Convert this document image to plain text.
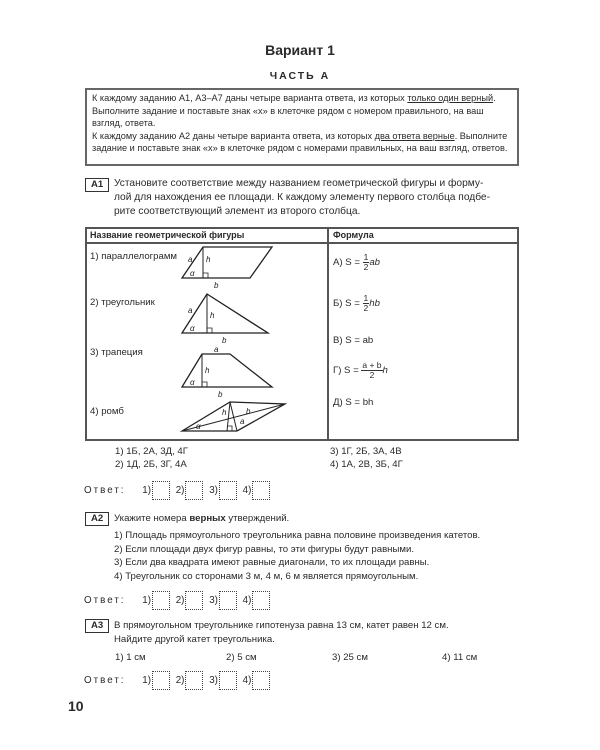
Вариант 1
ЧАСТЬ А
К каждому заданию А1, А3–А7 даны четыре варианта ответа, из которых только один верный. Выполните задание и поставьте знак «х» в клеточке рядом с номером правильного, на ваш взгляд, ответа.
К каждому заданию А2 даны четыре варианта ответа, из которых два ответа верные. Выполните задание и поставьте знак «х» в клеточке рядом с номерами правильных, на ваш взгляд, ответов.
А1	Установите соответствие между названием геометрической фигуры и форму-
лой для нахождения ее площади. К каждому элементу первого столбца подбе-
рите соответствующий элемент из второго столбца.
Название геометрической фигуры	Формула
1) параллелограмм
2) треугольник
3) трапеция
4) ромб
А) $S = \frac{1}{2}$ ab
Б) $S = \frac{1}{2}$ hb
В) S = ab
Г) $S = \frac{a + b}{2}$ h
Д) S = bh
a h
α
b
a
h
α
b
a
h
α
b
h b
a
α
1) 1Б, 2А, 3Д, 4Г
2) 1Д, 2Б, 3Г, 4А
3) 1Г, 2Б, 3А, 4В
4) 1А, 2В, 3Б, 4Г
Ответ: 1)	2)	3)	4)
А2	Укажите номера верных утверждений.
1) Площадь прямоугольного треугольника равна половине произведения катетов.
2) Если площади двух фигур равны, то эти фигуры будут равными.
3) Если два квадрата имеют равные диагонали, то их площади равны.
4) Треугольник со сторонами 3 м, 4 м, 6 м является прямоугольным.
Ответ: 1)	2)	3)	4)
А3	В прямоугольном треугольнике гипотенуза равна 13 см, катет равен 12 см.
Найдите другой катет треугольника.
1) 1 см	2) 5 см	3) 25 см	4) 11 см
Ответ: 1)	2)	3)	4)
10
